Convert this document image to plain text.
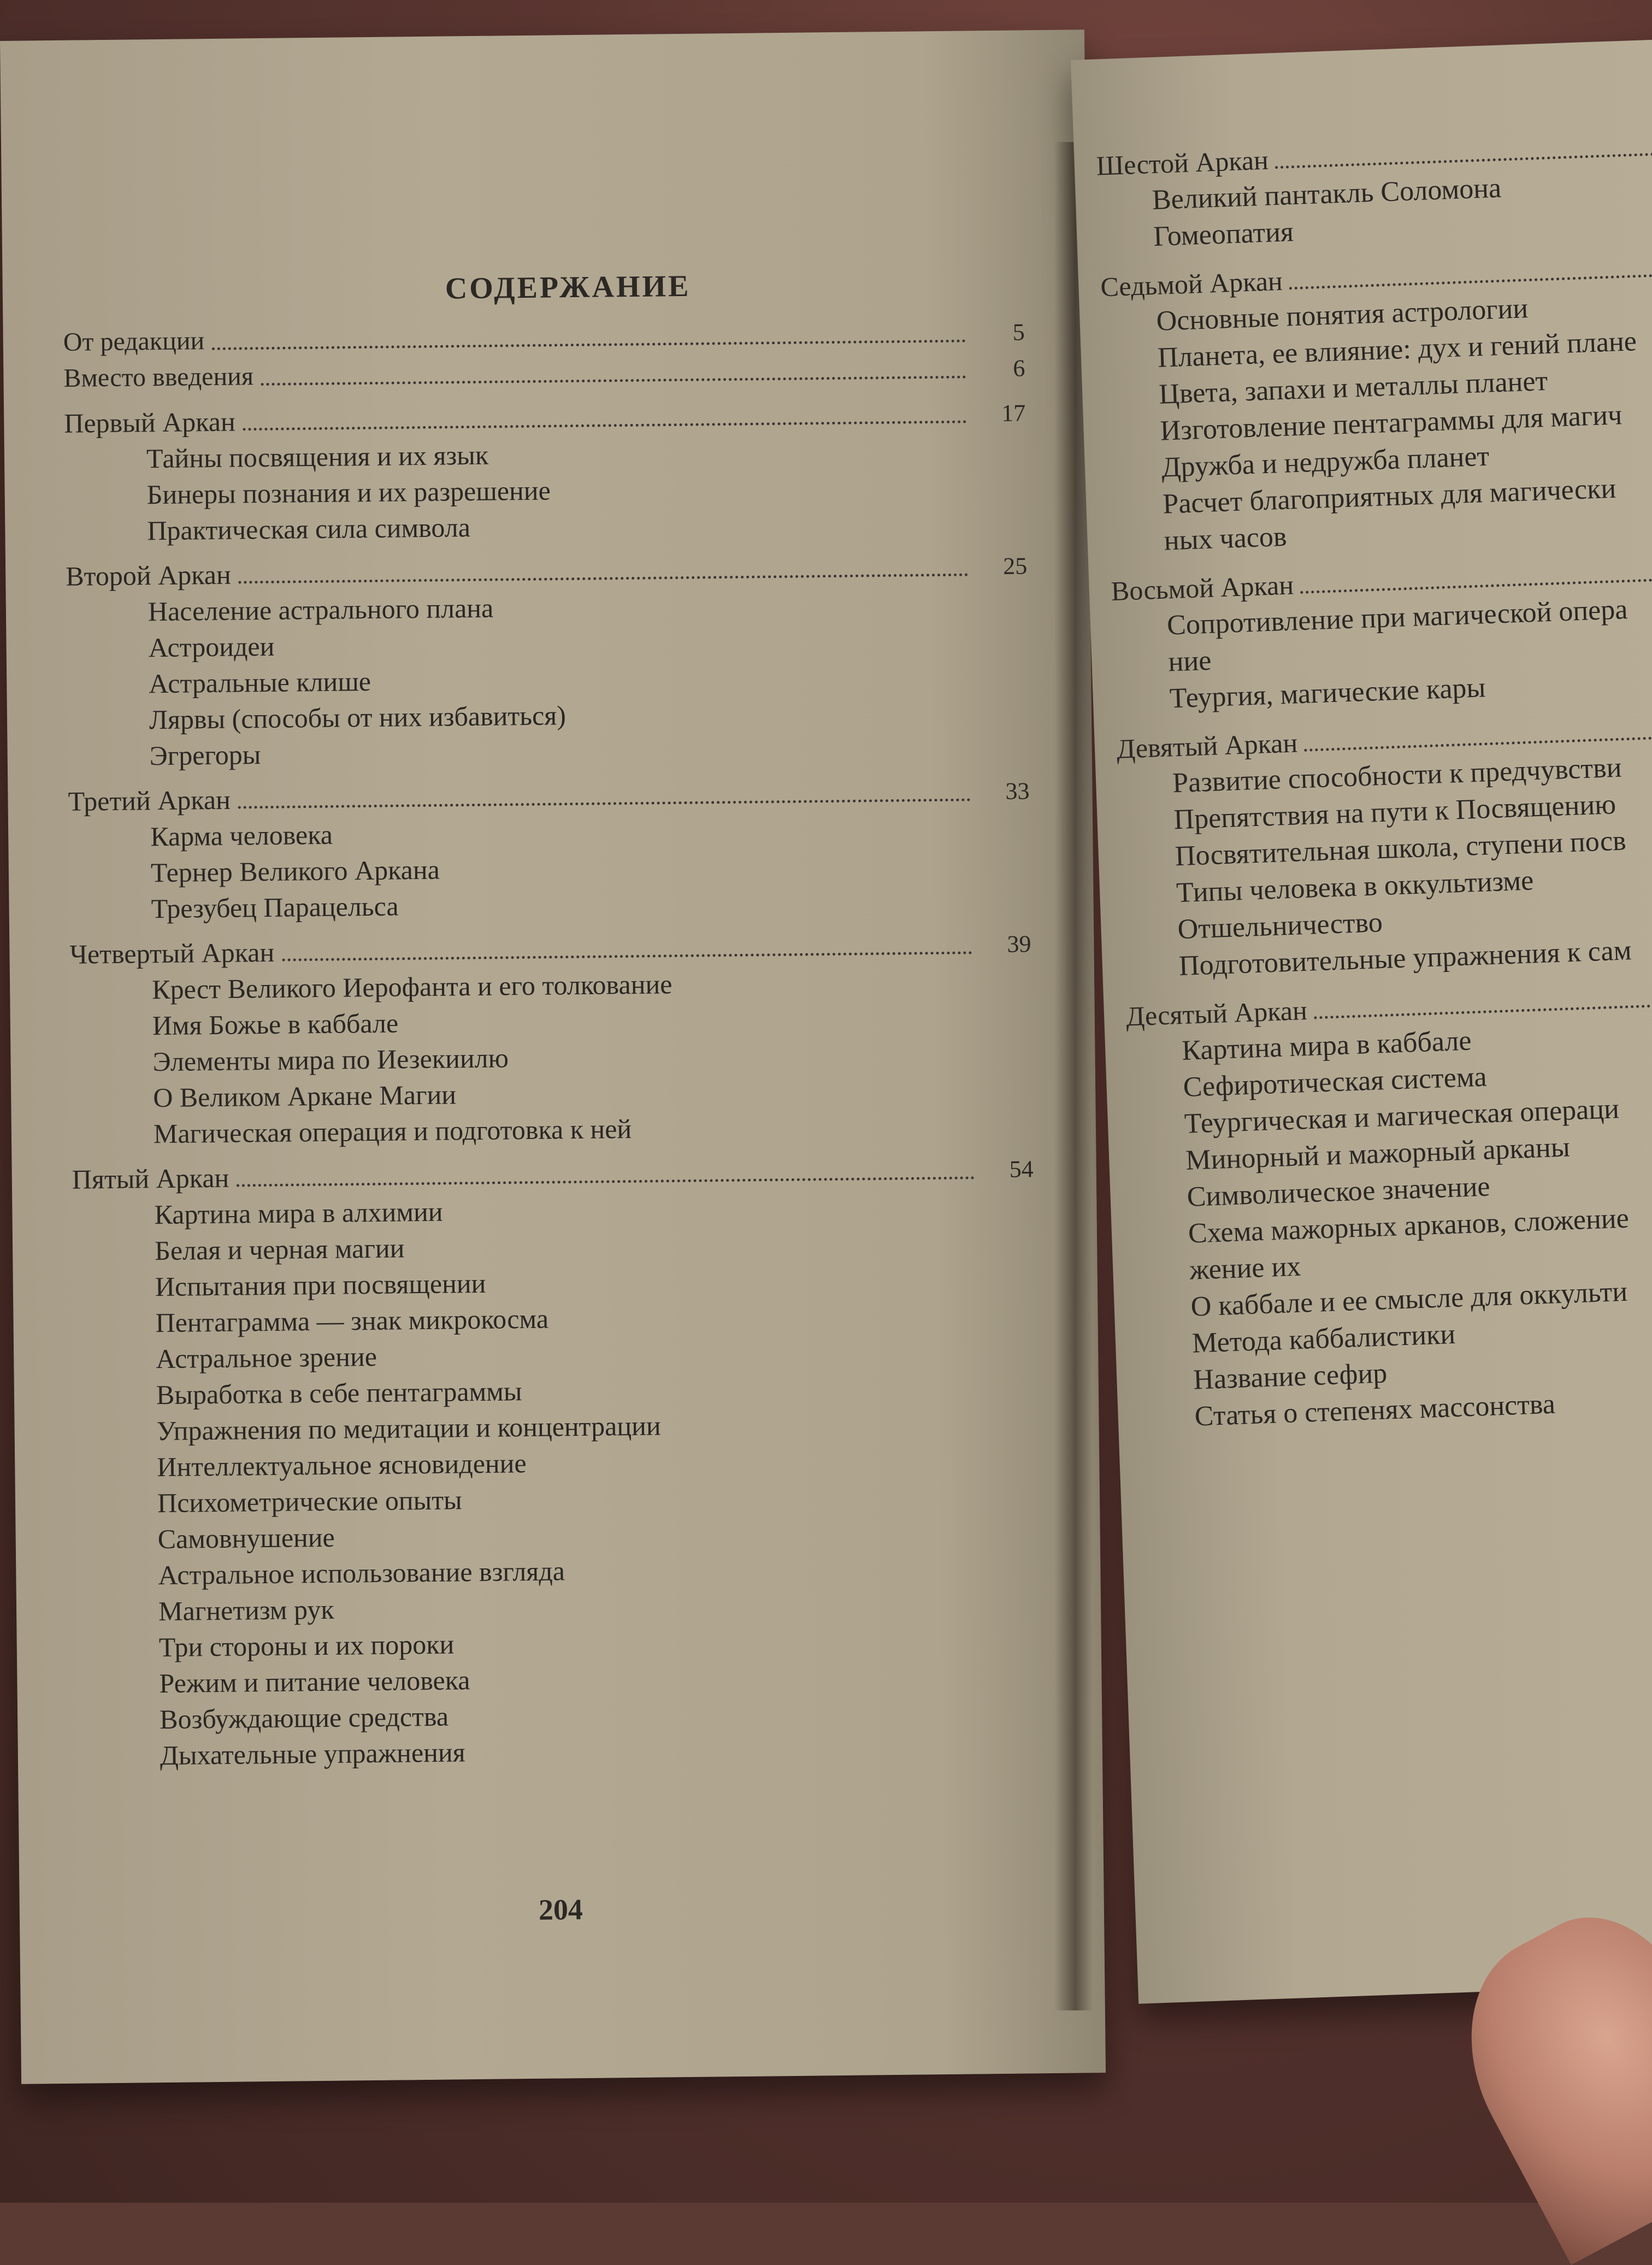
СОДЕРЖАНИЕ
От редакции	5
Вместо введения	6
Первый Аркан	17
Тайны посвящения и их язык
Бинеры познания и их разрешение
Практическая сила символа
Второй Аркан	25
Население астрального плана
Астроидеи
Астральные клише
Лярвы (способы от них избавиться)
Эгрегоры
Третий Аркан	33
Карма человека
Тернер Великого Аркана
Трезубец Парацельса
Четвертый Аркан	39
Крест Великого Иерофанта и его толкование
Имя Божье в каббале
Элементы мира по Иезекиилю
О Великом Аркане Магии
Магическая операция и подготовка к ней
Пятый Аркан	54
Картина мира в алхимии
Белая и черная магии
Испытания при посвящении
Пентаграмма — знак микрокосма
Астральное зрение
Выработка в себе пентаграммы
Упражнения по медитации и концентрации
Интеллектуальное ясновидение
Психометрические опыты
Самовнушение
Астральное использование взгляда
Магнетизм рук
Три стороны и их пороки
Режим и питание человека
Возбуждающие средства
Дыхательные упражнения
204
Шестой Аркан
Великий пантакль Соломона
Гомеопатия
Седьмой Аркан
Основные понятия астрологии
Планета, ее влияние: дух и гений плане
Цвета, запахи и металлы планет
Изготовление пентаграммы для магич
Дружба и недружба планет
Расчет благоприятных для магически
ных часов
Восьмой Аркан
Сопротивление при магической опера
ние
Теургия, магические кары
Девятый Аркан
Развитие способности к предчувстви
Препятствия на пути к Посвящению
Посвятительная школа, ступени посв
Типы человека в оккультизме
Отшельничество
Подготовительные упражнения к сам
Десятый Аркан
Картина мира в каббале
Сефиротическая система
Теургическая и магическая операци
Минорный и мажорный арканы
Символическое значение
Схема мажорных арканов, сложение
жение их
О каббале и ее смысле для оккульти
Метода каббалистики
Название сефир
Статья о степенях массонства
